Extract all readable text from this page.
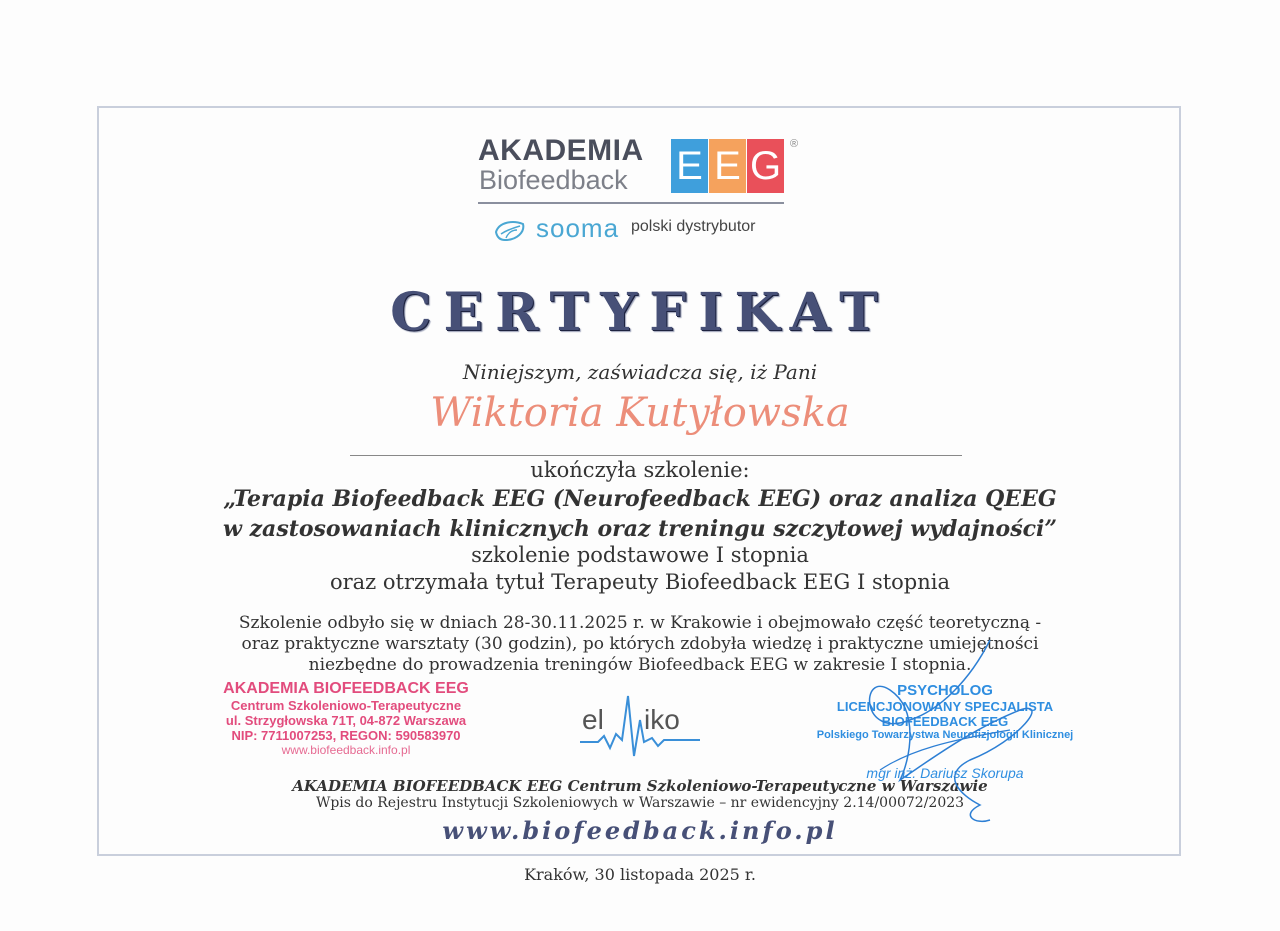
AKADEMIA
Biofeedback E E G ®
sooma polski dystrybutor
CERTYFIKAT
Niniejszym, zaświadcza się, iż Pani
Wiktoria Kutyłowska
ukończyła szkolenie:
„Terapia Biofeedback EEG (Neurofeedback EEG) oraz analiza QEEG
w zastosowaniach klinicznych oraz treningu szczytowej wydajności”
szkolenie podstawowe I stopnia
oraz otrzymała tytuł Terapeuty Biofeedback EEG I stopnia
Szkolenie odbyło się w dniach 28-30.11.2025 r. w Krakowie i obejmowało część teoretyczną -
oraz praktyczne warsztaty (30 godzin), po których zdobyła wiedzę i praktyczne umiejętności
niezbędne do prowadzenia treningów Biofeedback EEG w zakresie I stopnia.
AKADEMIA BIOFEEDBACK EEG
Centrum Szkoleniowo-Terapeutyczne
ul. Strzygłowska 71T, 04-872 Warszawa
NIP: 7711007253, REGON: 590583970
www.biofeedback.info.pl
el iko
PSYCHOLOG
LICENCJONOWANY SPECJALISTA
BIOFEEDBACK EEG
Polskiego Towarzystwa Neurofizjologii Klinicznej
mgr inż. Dariusz Skorupa
AKADEMIA BIOFEEDBACK EEG Centrum Szkoleniowo-Terapeutyczne w Warszawie
Wpis do Rejestru Instytucji Szkoleniowych w Warszawie – nr ewidencyjny 2.14/00072/2023
www.biofeedback.info.pl
Kraków, 30 listopada 2025 r.
